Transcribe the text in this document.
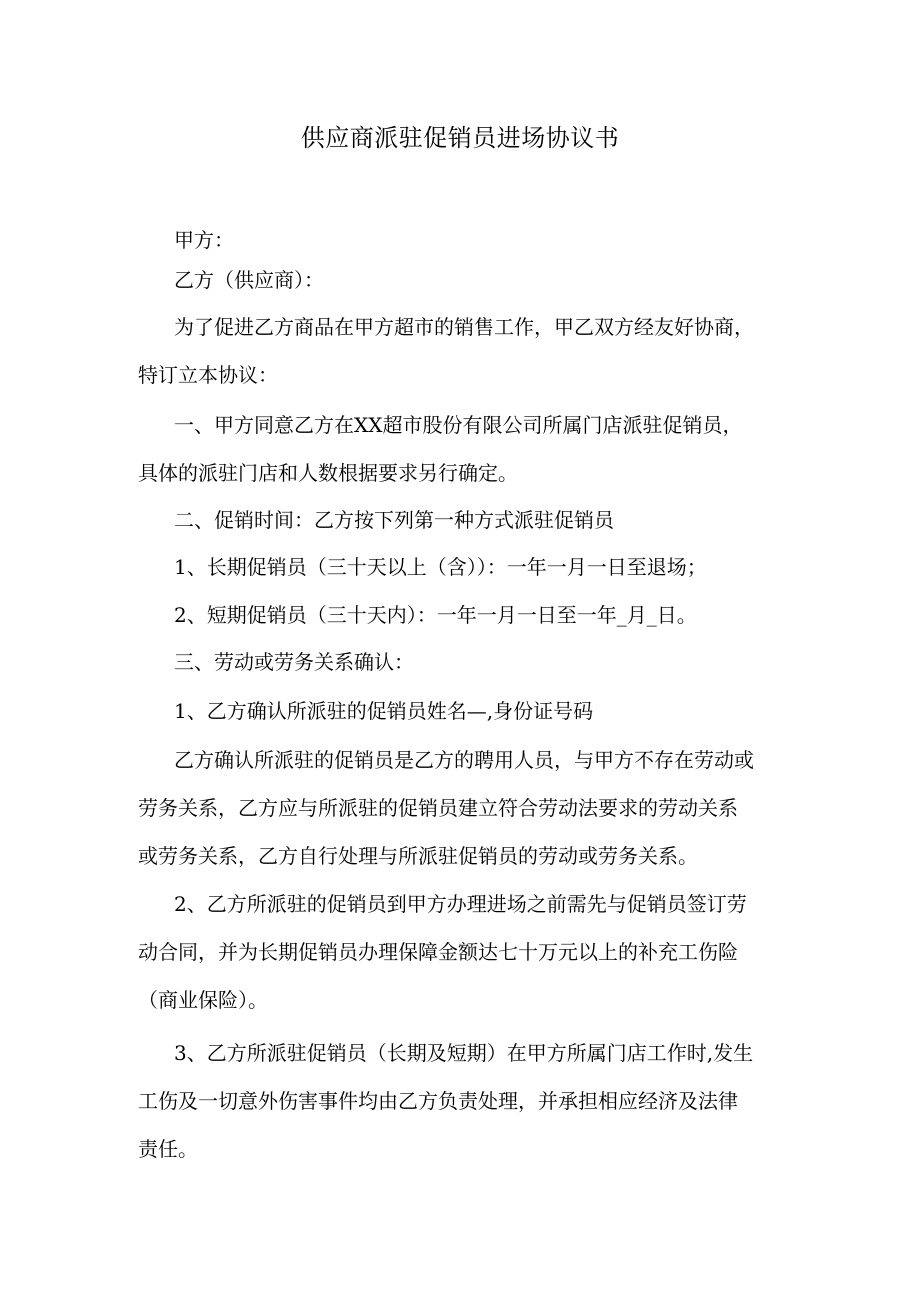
供应商派驻促销员进场协议书

甲方：

乙方（供应商）：

为了促进乙方商品在甲方超市的销售工作，甲乙双方经友好协商，
特订立本协议：

一、甲方同意乙方在XX超市股份有限公司所属门店派驻促销员，
具体的派驻门店和人数根据要求另行确定。

二、促销时间：乙方按下列第一种方式派驻促销员

1、长期促销员（三十天以上（含））：一年一月一日至退场；

2、短期促销员（三十天内）：一年一月一日至一年_月_日。

三、劳动或劳务关系确认：

1、乙方确认所派驻的促销员姓名—,身份证号码

乙方确认所派驻的促销员是乙方的聘用人员，与甲方不存在劳动或
劳务关系，乙方应与所派驻的促销员建立符合劳动法要求的劳动关系
或劳务关系，乙方自行处理与所派驻促销员的劳动或劳务关系。

2、乙方所派驻的促销员到甲方办理进场之前需先与促销员签订劳
动合同，并为长期促销员办理保障金额达七十万元以上的补充工伤险
（商业保险）。

3、乙方所派驻促销员（长期及短期）在甲方所属门店工作时,发生
工伤及一切意外伤害事件均由乙方负责处理，并承担相应经济及法律
责任。
